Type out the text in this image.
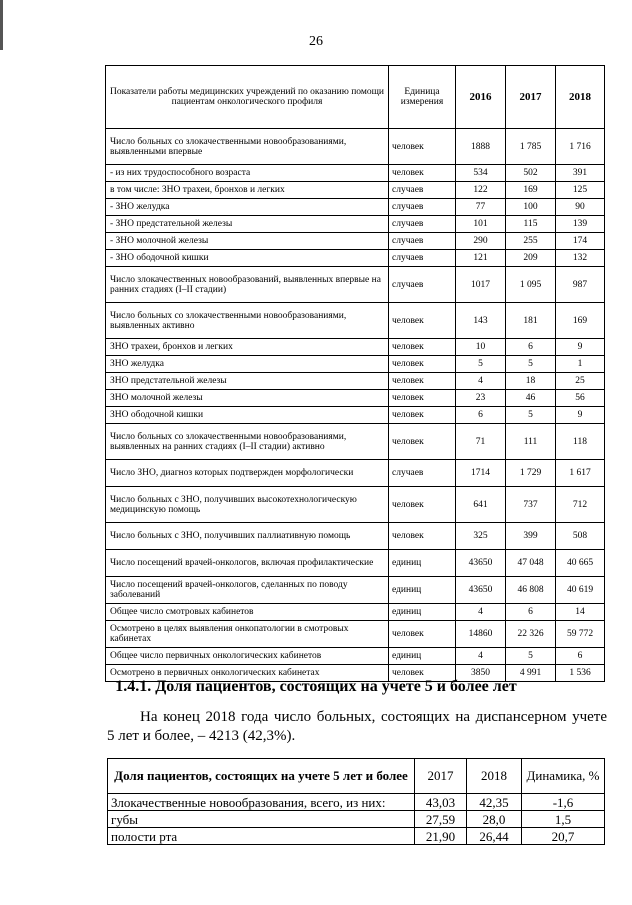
26
Показатели работы медицинских учреждений по оказанию помощи пациентам онкологического профиля	Единица измерения	2016	2017	2018
Число больных со злокачественными новообразованиями, выявленными впервые	человек	1888	1 785	1 716
- из них трудоспособного возраста	человек	534	502	391
в том числе: ЗНО трахеи, бронхов и легких	случаев	122	169	125
- ЗНО желудка	случаев	77	100	90
- ЗНО предстательной железы	случаев	101	115	139
- ЗНО молочной железы	случаев	290	255	174
- ЗНО ободочной кишки	случаев	121	209	132
Число злокачественных новообразований, выявленных впервые на ранних стадиях (I–II стадии)	случаев	1017	1 095	987
Число больных со злокачественными новообразованиями, выявленных активно	человек	143	181	169
ЗНО трахеи, бронхов и легких	человек	10	6	9
ЗНО желудка	человек	5	5	1
ЗНО предстательной железы	человек	4	18	25
ЗНО молочной железы	человек	23	46	56
ЗНО ободочной кишки	человек	6	5	9
Число больных со злокачественными новообразованиями, выявленных на ранних стадиях (I–II стадии) активно	человек	71	111	118
Число ЗНО, диагноз которых подтвержден морфологически	случаев	1714	1 729	1 617
Число больных с ЗНО, получивших высокотехнологическую медицинскую помощь	человек	641	737	712
Число больных с ЗНО, получивших паллиативную помощь	человек	325	399	508
Число посещений врачей-онкологов, включая профилактические	единиц	43650	47 048	40 665
Число посещений врачей-онкологов, сделанных по поводу заболеваний	единиц	43650	46 808	40 619
Общее число смотровых кабинетов	единиц	4	6	14
Осмотрено в целях выявления онкопатологии в смотровых кабинетах	человек	14860	22 326	59 772
Общее число первичных онкологических кабинетов	единиц	4	5	6
Осмотрено в первичных онкологических кабинетах	человек	3850	4 991	1 536
1.4.1. Доля пациентов, состоящих на учете 5 и более лет
На конец 2018 года число больных, состоящих на диспансерном учете
5 лет и более, – 4213 (42,3%).
Доля пациентов, состоящих на учете 5 лет и более	2017	2018	Динамика, %
Злокачественные новообразования, всего, из них:	43,03	42,35	-1,6
губы	27,59	28,0	1,5
полости рта	21,90	26,44	20,7
